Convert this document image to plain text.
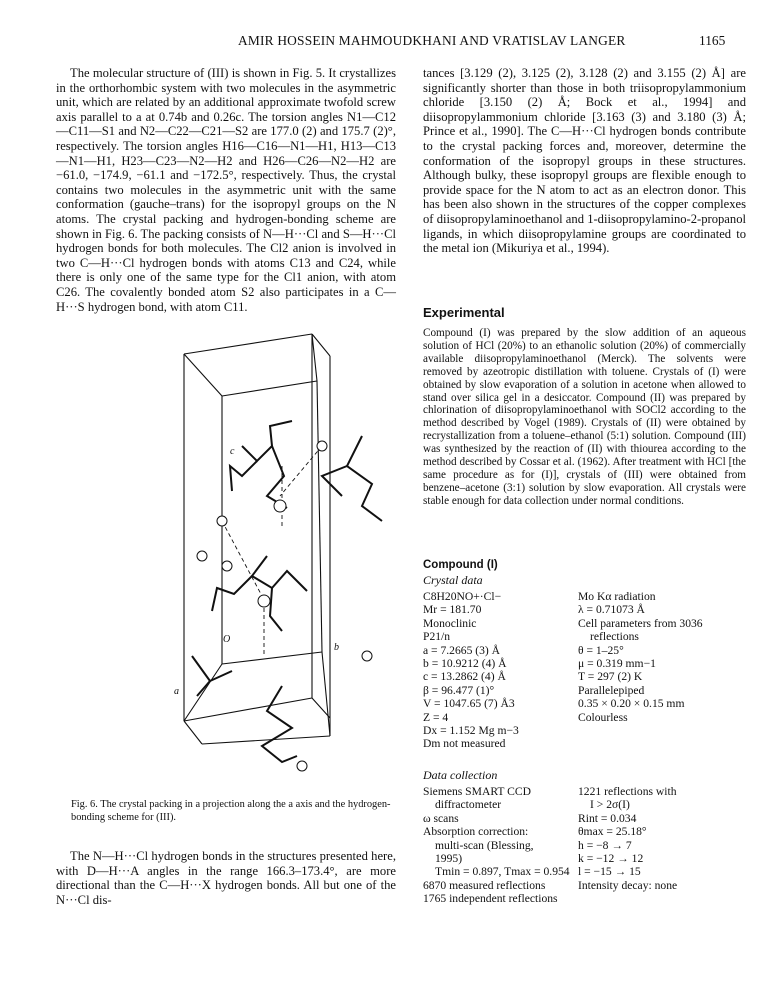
AMIR HOSSEIN MAHMOUDKHANI AND VRATISLAV LANGER	1165

The molecular structure of (III) is shown in Fig. 5. It crystallizes in the orthorhombic system with two molecules in the asymmetric unit, which are related by an additional approximate twofold screw axis parallel to a at 0.74b and 0.26c. The torsion angles N1—C12—C11—S1 and N2—C22—C21—S2 are 177.0 (2) and 175.7 (2)°, respectively. The torsion angles H16—C16—N1—H1, H13—C13—N1—H1, H23—C23—N2—H2 and H26—C26—N2—H2 are −61.0, −174.9, −61.1 and −172.5°, respectively. Thus, the crystal contains two molecules in the asymmetric unit with the same conformation (gauche–trans) for the isopropyl groups on the N atoms. The crystal packing and hydrogen-bonding scheme are shown in Fig. 6. The packing consists of N—H···Cl and S—H···Cl hydrogen bonds for both molecules. The Cl2 anion is involved in two C—H···Cl hydrogen bonds with atoms C13 and C24, while there is only one of the same type for the Cl1 anion, with atom C26. The covalently bonded atom S2 also participates in a C—H···S hydrogen bond, with atom C11.

c
O
b
a
Fig. 6. The crystal packing in a projection along the a axis and the hydrogen-bonding scheme for (III).

The N—H···Cl hydrogen bonds in the structures presented here, with D—H···A angles in the range 166.3–173.4°, are more directional than the C—H···X hydrogen bonds. All but one of the N···Cl dis-

tances [3.129 (2), 3.125 (2), 3.128 (2) and 3.155 (2) Å] are significantly shorter than those in both triisopropylammonium chloride [3.150 (2) Å; Bock et al., 1994] and diisopropylammonium chloride [3.163 (3) and 3.180 (3) Å; Prince et al., 1990]. The C—H···Cl hydrogen bonds contribute to the crystal packing forces and, moreover, determine the conformation of the isopropyl groups in these structures. Although bulky, these isopropyl groups are flexible enough to provide space for the N atom to act as an electron donor. This has been also shown in the structures of the copper complexes of diisopropylaminoethanol and 1-diisopropylamino-2-propanol ligands, in which diisopropylamine groups are coordinated to the metal ion (Mikuriya et al., 1994).

Experimental

Compound (I) was prepared by the slow addition of an aqueous solution of HCl (20%) to an ethanolic solution (20%) of commercially available diisopropylaminoethanol (Merck). The solvents were removed by azeotropic distillation with toluene. Crystals of (I) were obtained by slow evaporation of a solution in acetone when allowed to stand over silica gel in a desiccator. Compound (II) was prepared by chlorination of diisopropylaminoethanol with SOCl2 according to the method described by Vogel (1989). Crystals of (II) were obtained by recrystallization from a toluene–ethanol (5:1) solution. Compound (III) was synthesized by the reaction of (II) with thiourea according to the method described by Cossar et al. (1962). After treatment with HCl [the same procedure as for (I)], crystals of (III) were obtained from benzene–acetone (3:1) solution by slow evaporation. All crystals were stable enough for data collection under normal conditions.

Compound (I)
Crystal data
C8H20NO+·Cl−
Mr = 181.70
Monoclinic
P21/n
a = 7.2665 (3) Å
b = 10.9212 (4) Å
c = 13.2862 (4) Å
β = 96.477 (1)°
V = 1047.65 (7) Å3
Z = 4
Dx = 1.152 Mg m−3
Dm not measured
Mo Kα radiation
λ = 0.71073 Å
Cell parameters from 3036
reflections
θ = 1–25°
μ = 0.319 mm−1
T = 297 (2) K
Parallelepiped
0.35 × 0.20 × 0.15 mm
Colourless
Data collection
Siemens SMART CCD
diffractometer
ω scans
Absorption correction:
multi-scan (Blessing,
1995)
Tmin = 0.897, Tmax = 0.954
6870 measured reflections
1765 independent reflections
1221 reflections with
I > 2σ(I)
Rint = 0.034
θmax = 25.18°
h = −8 → 7
k = −12 → 12
l = −15 → 15
Intensity decay: none
